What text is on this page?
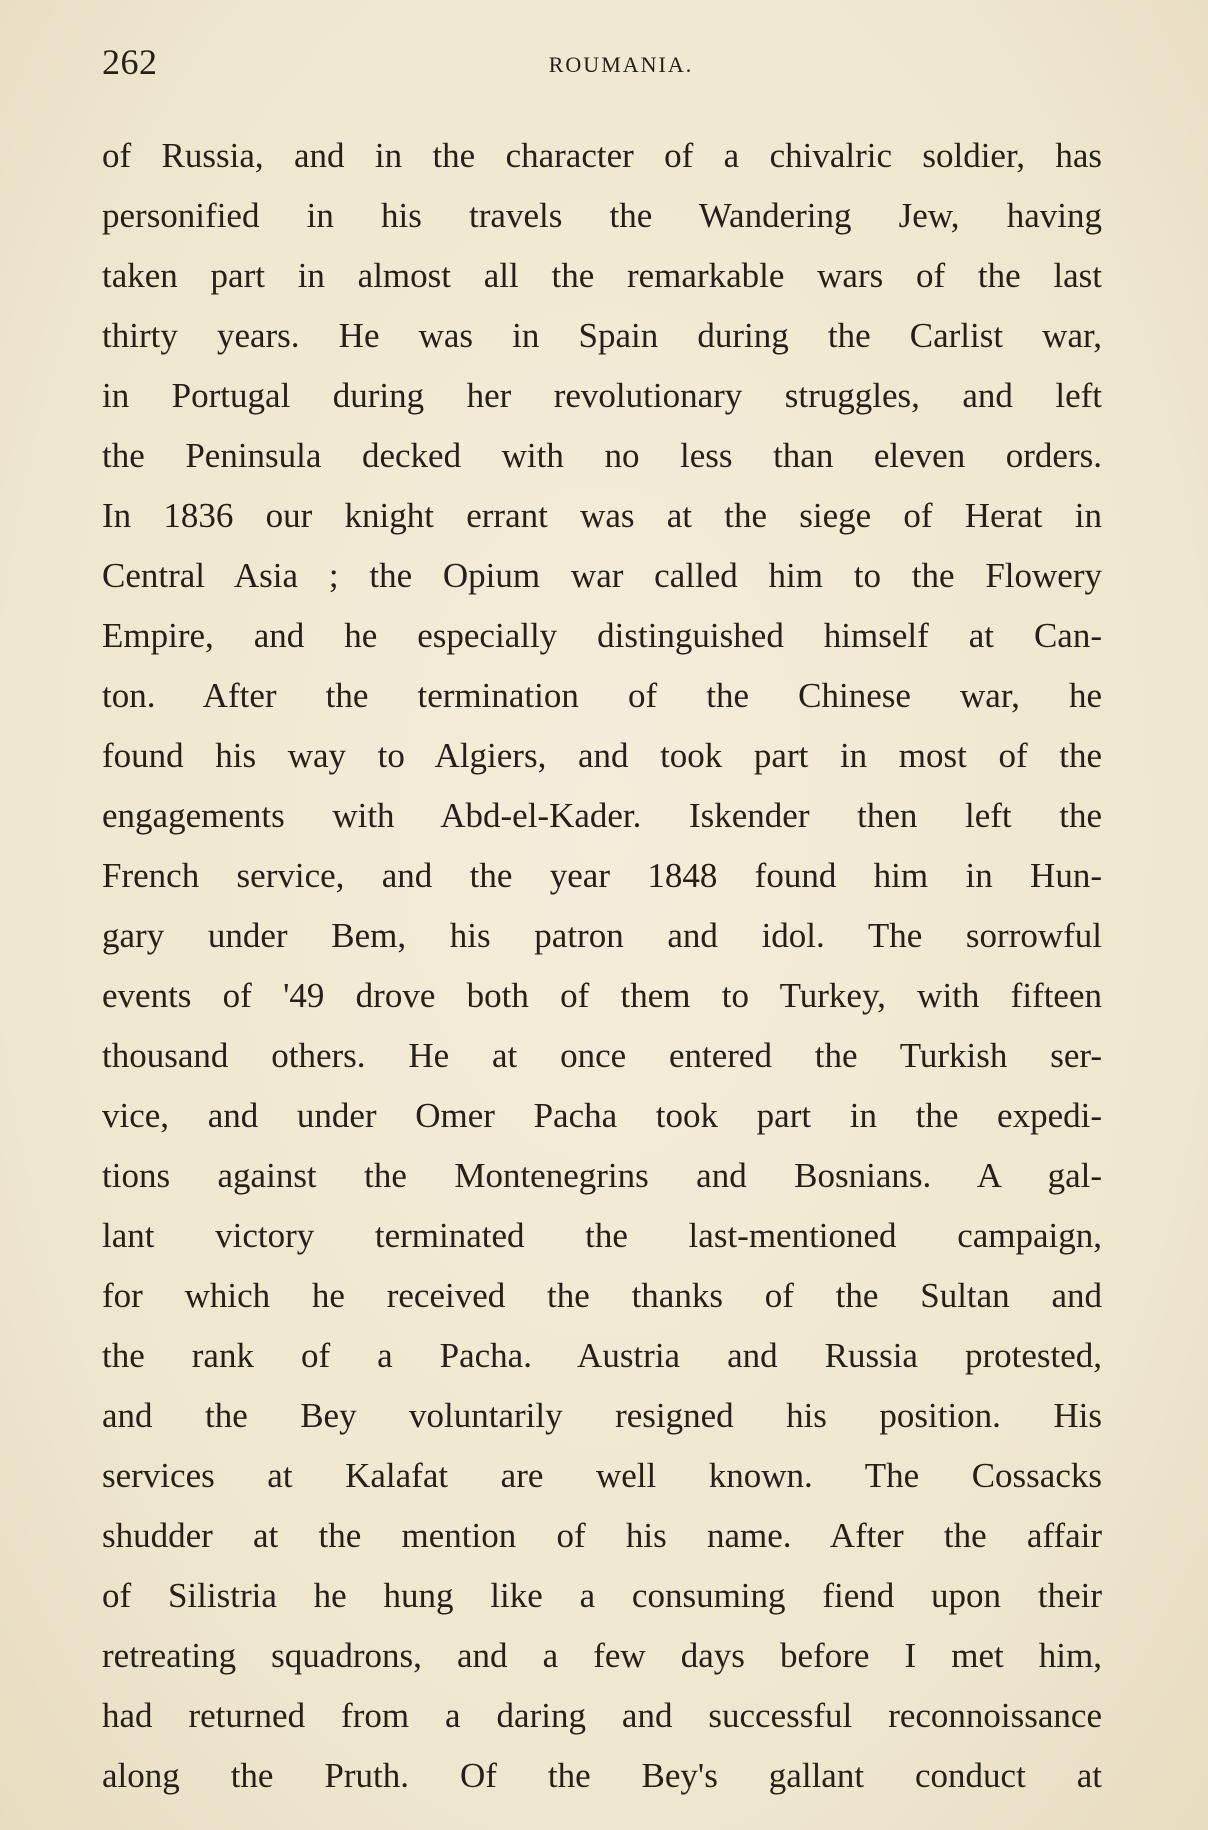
262	ROUMANIA.
of Russia, and in the character of a chivalric soldier, has
personified in his travels the Wandering Jew, having
taken part in almost all the remarkable wars of the last
thirty years. He was in Spain during the Carlist war,
in Portugal during her revolutionary struggles, and left
the Peninsula decked with no less than eleven orders.
In 1836 our knight errant was at the siege of Herat in
Central Asia ; the Opium war called him to the Flowery
Empire, and he especially distinguished himself at Can-
ton. After the termination of the Chinese war, he
found his way to Algiers, and took part in most of the
engagements with Abd-el-Kader. Iskender then left the
French service, and the year 1848 found him in Hun-
gary under Bem, his patron and idol. The sorrowful
events of '49 drove both of them to Turkey, with fifteen
thousand others. He at once entered the Turkish ser-
vice, and under Omer Pacha took part in the expedi-
tions against the Montenegrins and Bosnians. A gal-
lant victory terminated the last-mentioned campaign,
for which he received the thanks of the Sultan and
the rank of a Pacha. Austria and Russia protested,
and the Bey voluntarily resigned his position. His
services at Kalafat are well known. The Cossacks
shudder at the mention of his name. After the affair
of Silistria he hung like a consuming fiend upon their
retreating squadrons, and a few days before I met him,
had returned from a daring and successful reconnoissance
along the Pruth. Of the Bey's gallant conduct at
